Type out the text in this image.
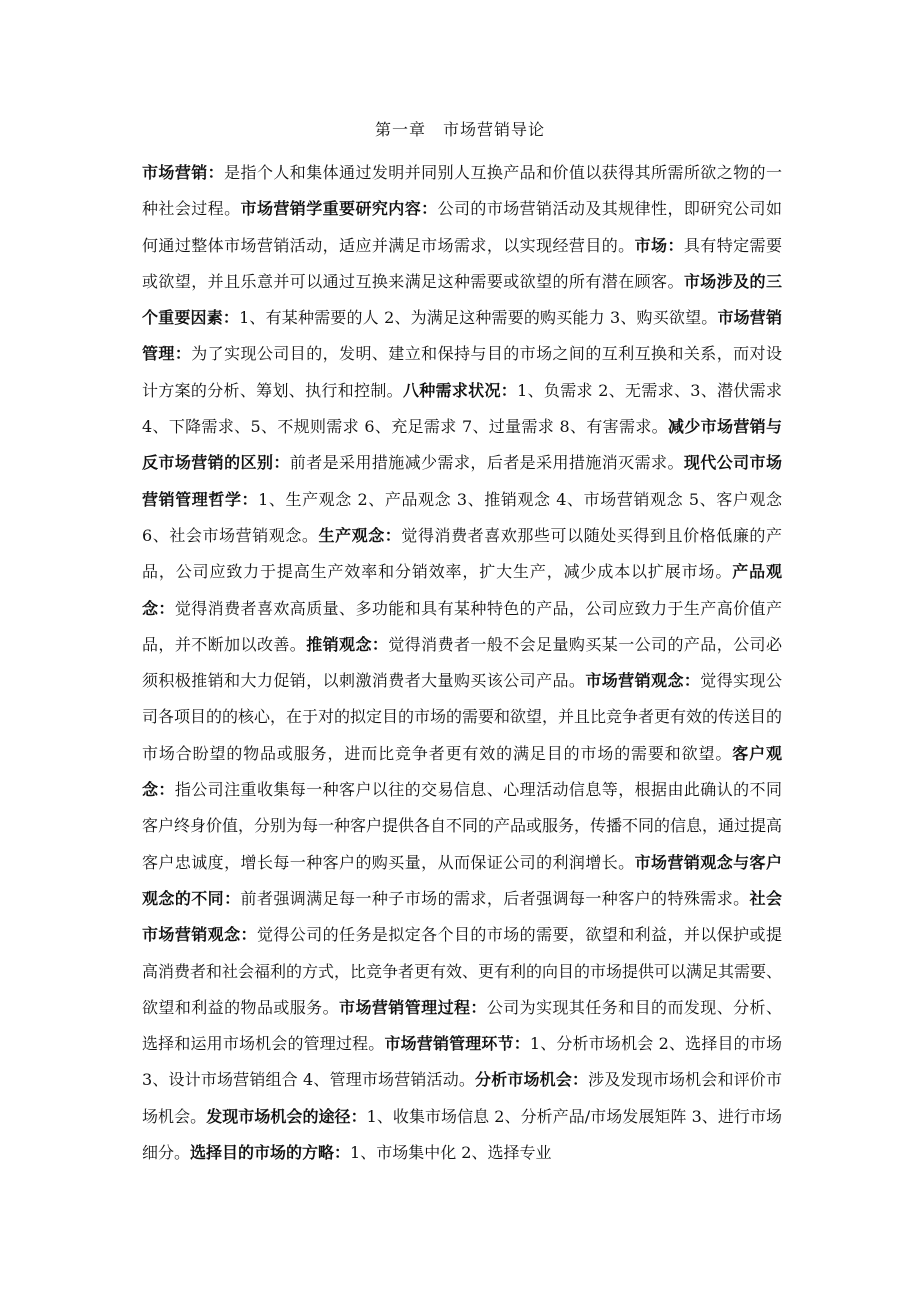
第一章　市场营销导论
市场营销：是指个人和集体通过发明并同别人互换产品和价值以获得其所需所欲之物的一种社会过程。市场营销学重要研究内容：公司的市场营销活动及其规律性，即研究公司如何通过整体市场营销活动，适应并满足市场需求，以实现经营目的。市场：具有特定需要或欲望，并且乐意并可以通过互换来满足这种需要或欲望的所有潜在顾客。市场涉及的三个重要因素：1、有某种需要的人 2、为满足这种需要的购买能力 3、购买欲望。市场营销管理：为了实现公司目的，发明、建立和保持与目的市场之间的互利互换和关系，而对设计方案的分析、筹划、执行和控制。八种需求状况：1、负需求 2、无需求、3、潜伏需求 4、下降需求、5、不规则需求 6、充足需求 7、过量需求 8、有害需求。减少市场营销与反市场营销的区别：前者是采用措施减少需求，后者是采用措施消灭需求。现代公司市场营销管理哲学：1、生产观念 2、产品观念 3、推销观念 4、市场营销观念 5、客户观念 6、社会市场营销观念。生产观念：觉得消费者喜欢那些可以随处买得到且价格低廉的产品，公司应致力于提高生产效率和分销效率，扩大生产，减少成本以扩展市场。产品观念：觉得消费者喜欢高质量、多功能和具有某种特色的产品，公司应致力于生产高价值产品，并不断加以改善。推销观念：觉得消费者一般不会足量购买某一公司的产品，公司必须积极推销和大力促销，以刺激消费者大量购买该公司产品。市场营销观念：觉得实现公司各项目的的核心，在于对的拟定目的市场的需要和欲望，并且比竞争者更有效的传送目的市场合盼望的物品或服务，进而比竞争者更有效的满足目的市场的需要和欲望。客户观念：指公司注重收集每一种客户以往的交易信息、心理活动信息等，根据由此确认的不同客户终身价值，分别为每一种客户提供各自不同的产品或服务，传播不同的信息，通过提高客户忠诚度，增长每一种客户的购买量，从而保证公司的利润增长。市场营销观念与客户观念的不同：前者强调满足每一种子市场的需求，后者强调每一种客户的特殊需求。社会市场营销观念：觉得公司的任务是拟定各个目的市场的需要，欲望和利益，并以保护或提高消费者和社会福利的方式，比竞争者更有效、更有利的向目的市场提供可以满足其需要、欲望和利益的物品或服务。市场营销管理过程：公司为实现其任务和目的而发现、分析、选择和运用市场机会的管理过程。市场营销管理环节：1、分析市场机会 2、选择目的市场 3、设计市场营销组合 4、管理市场营销活动。分析市场机会：涉及发现市场机会和评价市场机会。发现市场机会的途径：1、收集市场信息 2、分析产品/市场发展矩阵 3、进行市场细分。选择目的市场的方略：1、市场集中化 2、选择专业
